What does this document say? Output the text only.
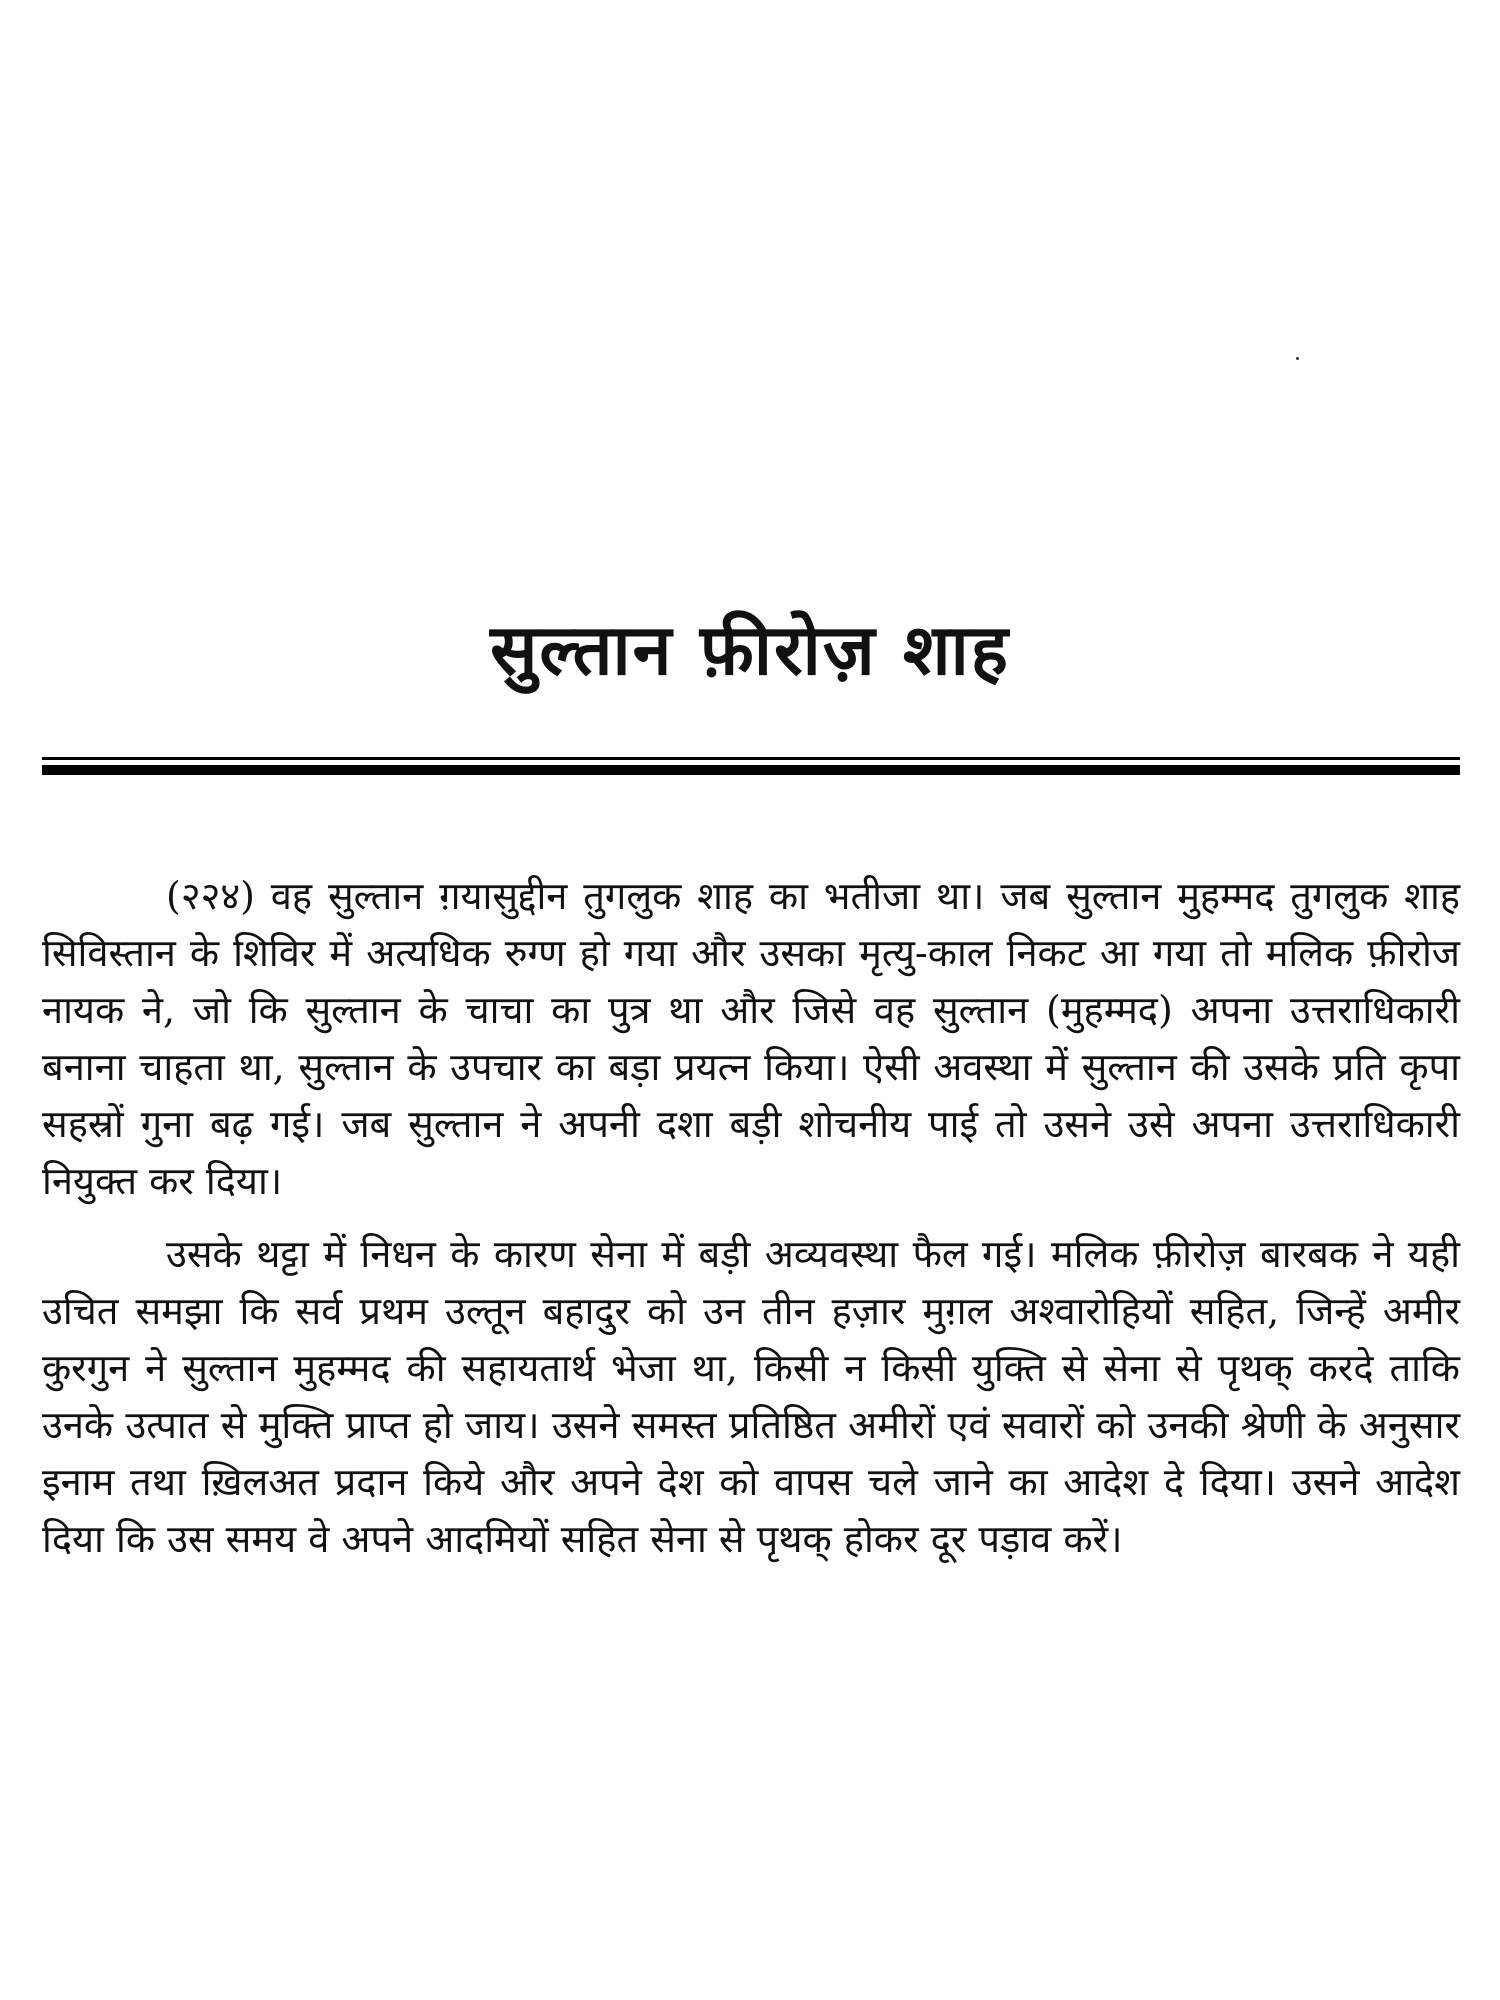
सुल्तान फ़ीरोज़ शाह

(२२४) वह सुल्तान ग़यासुद्दीन तुगलुक शाह का भतीजा था। जब सुल्तान मुहम्मद तुगलुक शाह सिविस्तान के शिविर में अत्यधिक रुग्ण हो गया और उसका मृत्यु-काल निकट आ गया तो मलिक फ़ीरोज नायक ने, जो कि सुल्तान के चाचा का पुत्र था और जिसे वह सुल्तान (मुहम्मद) अपना उत्तराधिकारी बनाना चाहता था, सुल्तान के उपचार का बड़ा प्रयत्न किया। ऐसी अवस्था में सुल्तान की उसके प्रति कृपा सहस्रों गुना बढ़ गई। जब सुल्तान ने अपनी दशा बड़ी शोचनीय पाई तो उसने उसे अपना उत्तराधिकारी नियुक्त कर दिया।

उसके थट्टा में निधन के कारण सेना में बड़ी अव्यवस्था फैल गई। मलिक फ़ीरोज़ बारबक ने यही उचित समझा कि सर्व प्रथम उल्तून बहादुर को उन तीन हज़ार मुग़ल अश्वारोहियों सहित, जिन्हें अमीर कुरगुन ने सुल्तान मुहम्मद की सहायतार्थ भेजा था, किसी न किसी युक्ति से सेना से पृथक् करदे ताकि उनके उत्पात से मुक्ति प्राप्त हो जाय। उसने समस्त प्रतिष्ठित अमीरों एवं सवारों को उनकी श्रेणी के अनुसार इनाम तथा ख़िलअत प्रदान किये और अपने देश को वापस चले जाने का आदेश दे दिया। उसने आदेश दिया कि उस समय वे अपने आदमियों सहित सेना से पृथक् होकर दूर पड़ाव करें।
